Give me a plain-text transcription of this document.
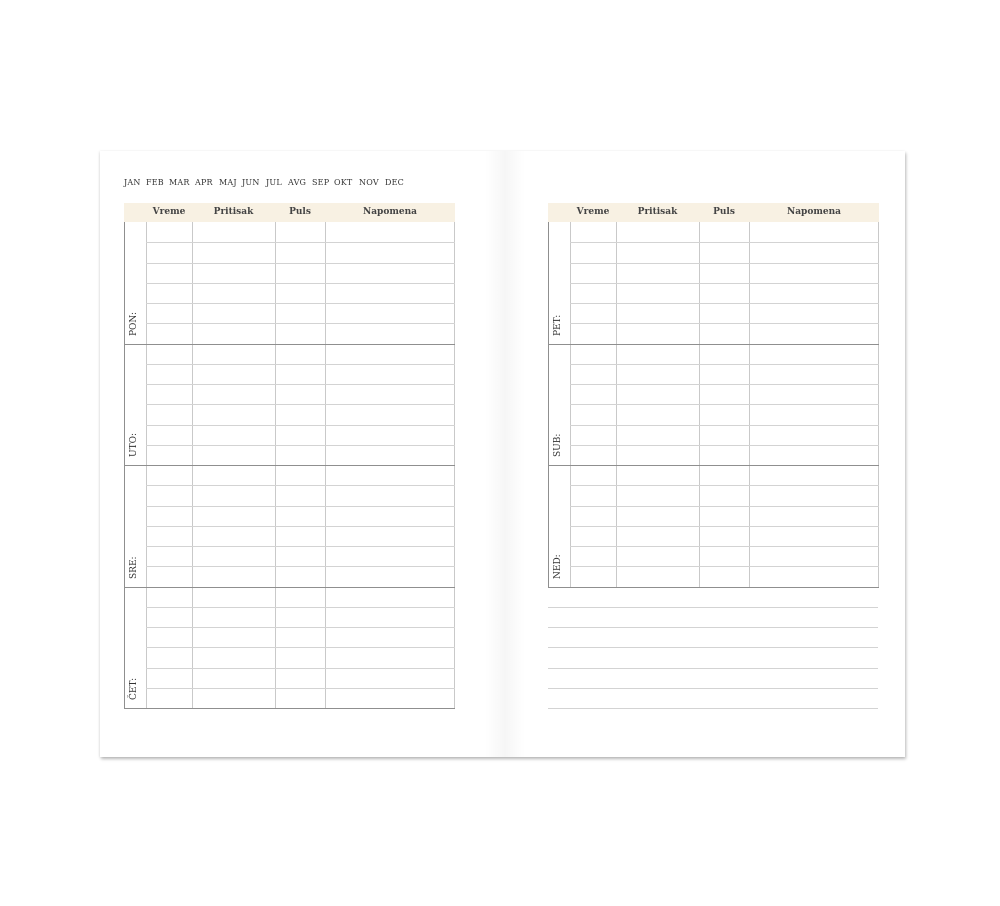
JAN FEB MAR APR MAJ JUN JUL AVG SEP OKT NOV DEC
Vreme	Pritisak	Puls	Napomena
PON:
UTO:
SRE:
ČET:
Vreme	Pritisak	Puls	Napomena
PET:
SUB:
NED:
